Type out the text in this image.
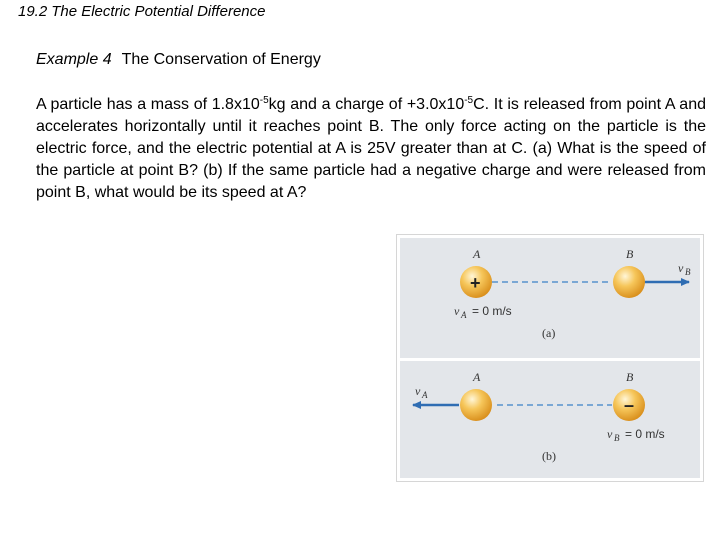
19.2 The Electric Potential Difference
Example 4 The Conservation of Energy
A particle has a mass of $1.8x10^{-5}kg$ and a charge of $+3.0x10^{-5}C$. It is released from point A and accelerates horizontally until it reaches point B. The only force acting on the particle is the electric force, and the electric potential at A is 25V greater than at C. (a) What is the speed of the particle at point B? (b) If the same particle had a negative charge and were released from point B, what would be its speed at A?
A	B
+
v B
v A = 0 m/s
(a)
A	B
–
v A
v B = 0 m/s
(b)
